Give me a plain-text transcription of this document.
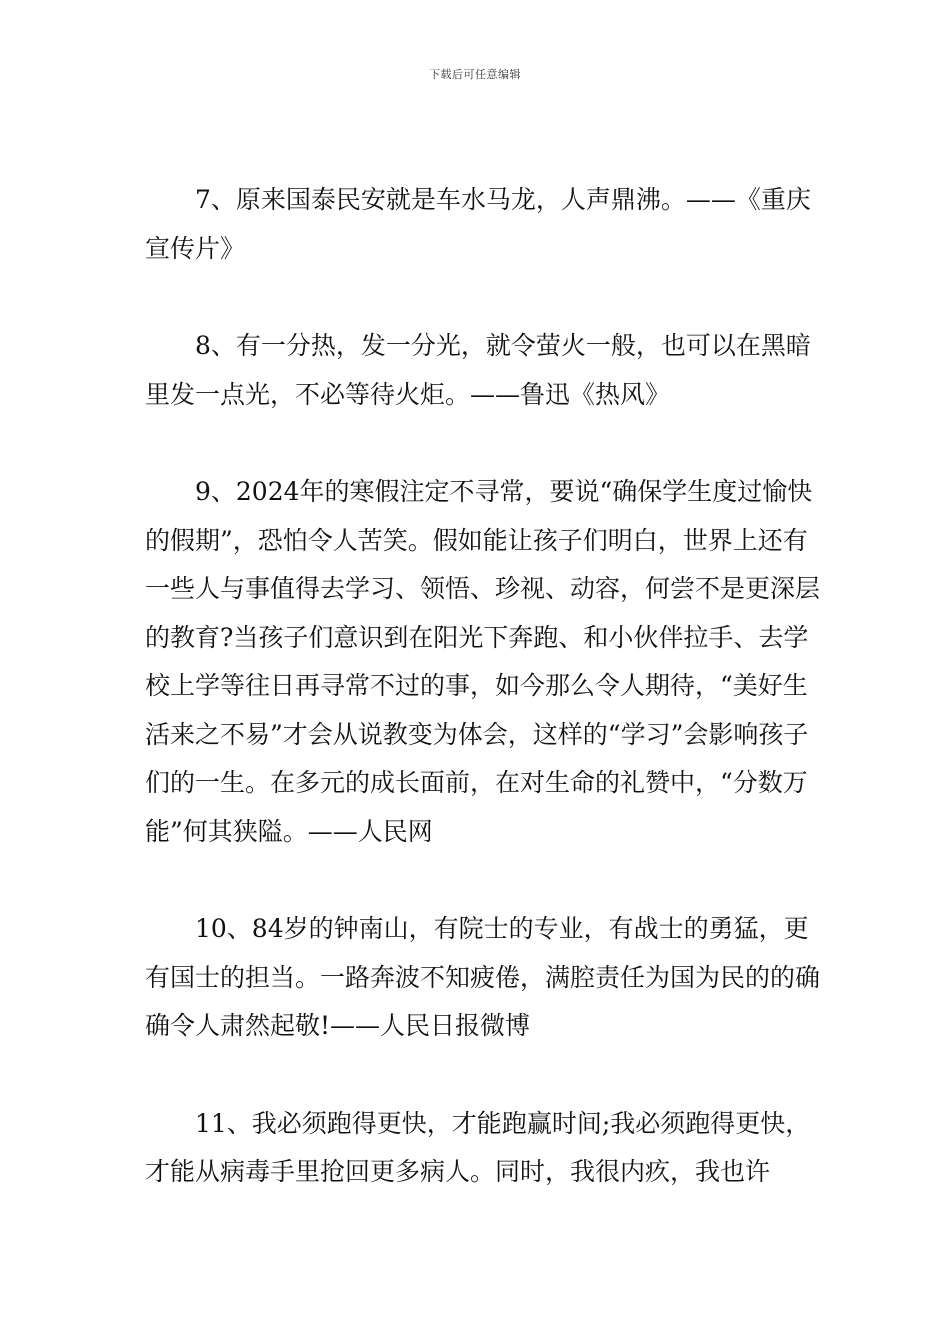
下载后可任意编辑

7、原来国泰民安就是车水马龙，人声鼎沸。——《重庆宣传片》

8、有一分热，发一分光，就令萤火一般，也可以在黑暗里发一点光，不必等待火炬。——鲁迅《热风》

9、2024年的寒假注定不寻常，要说“确保学生度过愉快的假期”，恐怕令人苦笑。假如能让孩子们明白，世界上还有一些人与事值得去学习、领悟、珍视、动容，何尝不是更深层的教育?当孩子们意识到在阳光下奔跑、和小伙伴拉手、去学校上学等往日再寻常不过的事，如今那么令人期待，“美好生活来之不易”才会从说教变为体会，这样的“学习”会影响孩子们的一生。在多元的成长面前，在对生命的礼赞中，“分数万能”何其狭隘。——人民网

10、84岁的钟南山，有院士的专业，有战士的勇猛，更有国士的担当。一路奔波不知疲倦，满腔责任为国为民的的确确令人肃然起敬!——人民日报微博

11、我必须跑得更快，才能跑赢时间;我必须跑得更快，才能从病毒手里抢回更多病人。同时，我很内疚，我也许
